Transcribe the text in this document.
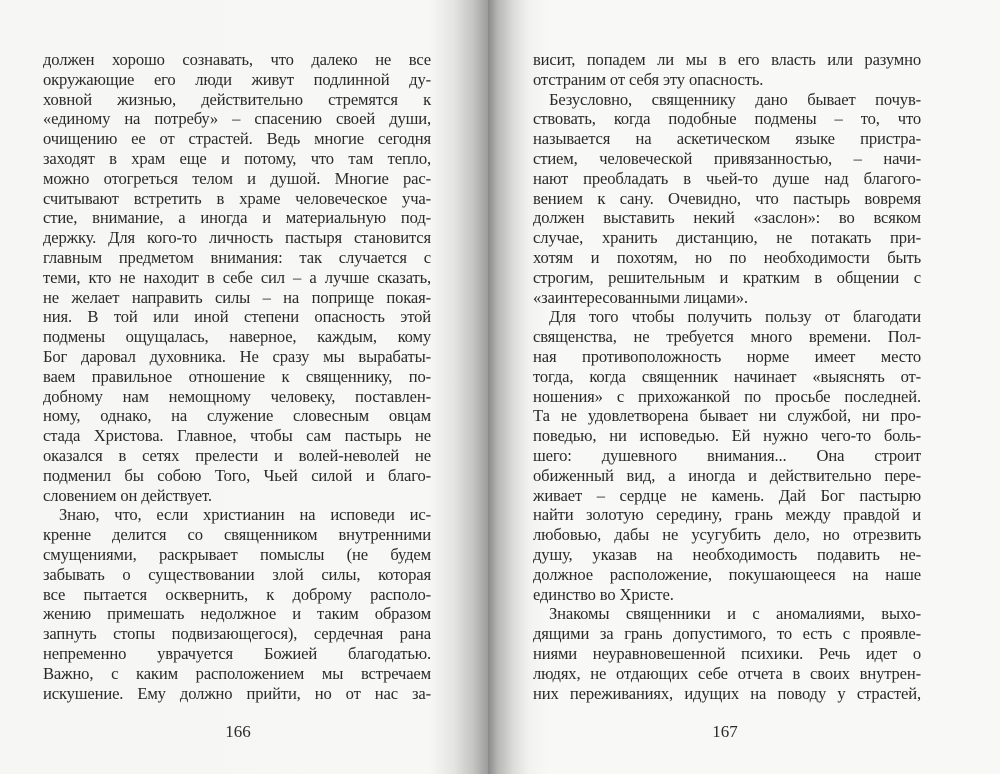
должен хорошо сознавать, что далеко не все
окружающие его люди живут подлинной ду-
ховной жизнью, действительно стремятся к
«единому на потребу» – спасению своей души,
очищению ее от страстей. Ведь многие сегодня
заходят в храм еще и потому, что там тепло,
можно отогреться телом и душой. Многие рас-
считывают встретить в храме человеческое уча-
стие, внимание, а иногда и материальную под-
держку. Для кого-то личность пастыря становится
главным предметом внимания: так случается с
теми, кто не находит в себе сил – а лучше сказать,
не желает направить силы – на поприще покая-
ния. В той или иной степени опасность этой
подмены ощущалась, наверное, каждым, кому
Бог даровал духовника. Не сразу мы вырабаты-
ваем правильное отношение к священнику, по-
добному нам немощному человеку, поставлен-
ному, однако, на служение словесным овцам
стада Христова. Главное, чтобы сам пастырь не
оказался в сетях прелести и волей-неволей не
подменил бы собою Того, Чьей силой и благо-
словением он действует.
Знаю, что, если христианин на исповеди ис-
кренне делится со священником внутренними
смущениями, раскрывает помыслы (не будем
забывать о существовании злой силы, которая
все пытается осквернить, к доброму располо-
жению примешать недолжное и таким образом
запнуть стопы подвизающегося), сердечная рана
непременно уврачуется Божией благодатью.
Важно, с каким расположением мы встречаем
искушение. Ему должно прийти, но от нас за-
166
висит, попадем ли мы в его власть или разумно
отстраним от себя эту опасность.
Безусловно, священнику дано бывает почув-
ствовать, когда подобные подмены – то, что
называется на аскетическом языке пристра-
стием, человеческой привязанностью, – начи-
нают преобладать в чьей-то душе над благого-
вением к сану. Очевидно, что пастырь вовремя
должен выставить некий «заслон»: во всяком
случае, хранить дистанцию, не потакать при-
хотям и похотям, но по необходимости быть
строгим, решительным и кратким в общении с
«заинтересованными лицами».
Для того чтобы получить пользу от благодати
священства, не требуется много времени. Пол-
ная противоположность норме имеет место
тогда, когда священник начинает «выяснять от-
ношения» с прихожанкой по просьбе последней.
Та не удовлетворена бывает ни службой, ни про-
поведью, ни исповедью. Ей нужно чего-то боль-
шего: душевного внимания... Она строит
обиженный вид, а иногда и действительно пере-
живает – сердце не камень. Дай Бог пастырю
найти золотую середину, грань между правдой и
любовью, дабы не усугубить дело, но отрезвить
душу, указав на необходимость подавить не-
должное расположение, покушающееся на наше
единство во Христе.
Знакомы священники и с аномалиями, выхо-
дящими за грань допустимого, то есть с проявле-
ниями неуравновешенной психики. Речь идет о
людях, не отдающих себе отчета в своих внутрен-
них переживаниях, идущих на поводу у страстей,
167
